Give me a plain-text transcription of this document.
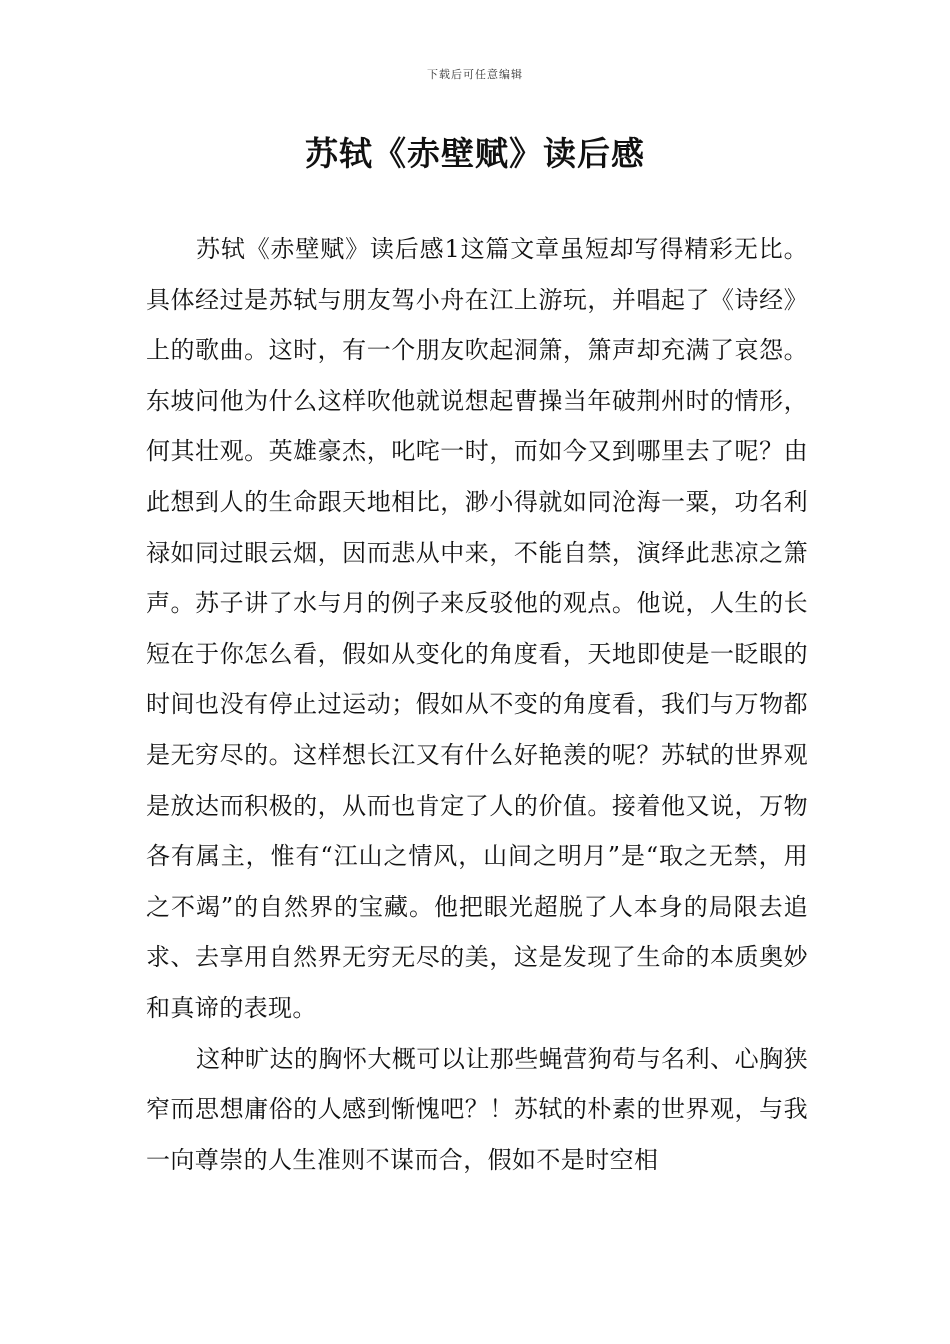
下载后可任意编辑
苏轼《赤壁赋》读后感

苏轼《赤壁赋》读后感1这篇文章虽短却写得精彩无比。具体经过是苏轼与朋友驾小舟在江上游玩，并唱起了《诗经》上的歌曲。这时，有一个朋友吹起洞箫，箫声却充满了哀怨。东坡问他为什么这样吹他就说想起曹操当年破荆州时的情形，何其壮观。英雄豪杰，叱咤一时，而如今又到哪里去了呢？由此想到人的生命跟天地相比，渺小得就如同沧海一粟，功名利禄如同过眼云烟，因而悲从中来，不能自禁，演绎此悲凉之箫声。苏子讲了水与月的例子来反驳他的观点。他说，人生的长短在于你怎么看，假如从变化的角度看，天地即使是一眨眼的时间也没有停止过运动；假如从不变的角度看，我们与万物都是无穷尽的。这样想长江又有什么好艳羡的呢？苏轼的世界观是放达而积极的，从而也肯定了人的价值。接着他又说，万物各有属主，惟有“江山之情风，山间之明月”是“取之无禁，用之不竭”的自然界的宝藏。他把眼光超脱了人本身的局限去追求、去享用自然界无穷无尽的美，这是发现了生命的本质奥妙和真谛的表现。

这种旷达的胸怀大概可以让那些蝇营狗苟与名利、心胸狭窄而思想庸俗的人感到惭愧吧？！苏轼的朴素的世界观，与我一向尊崇的人生准则不谋而合，假如不是时空相
